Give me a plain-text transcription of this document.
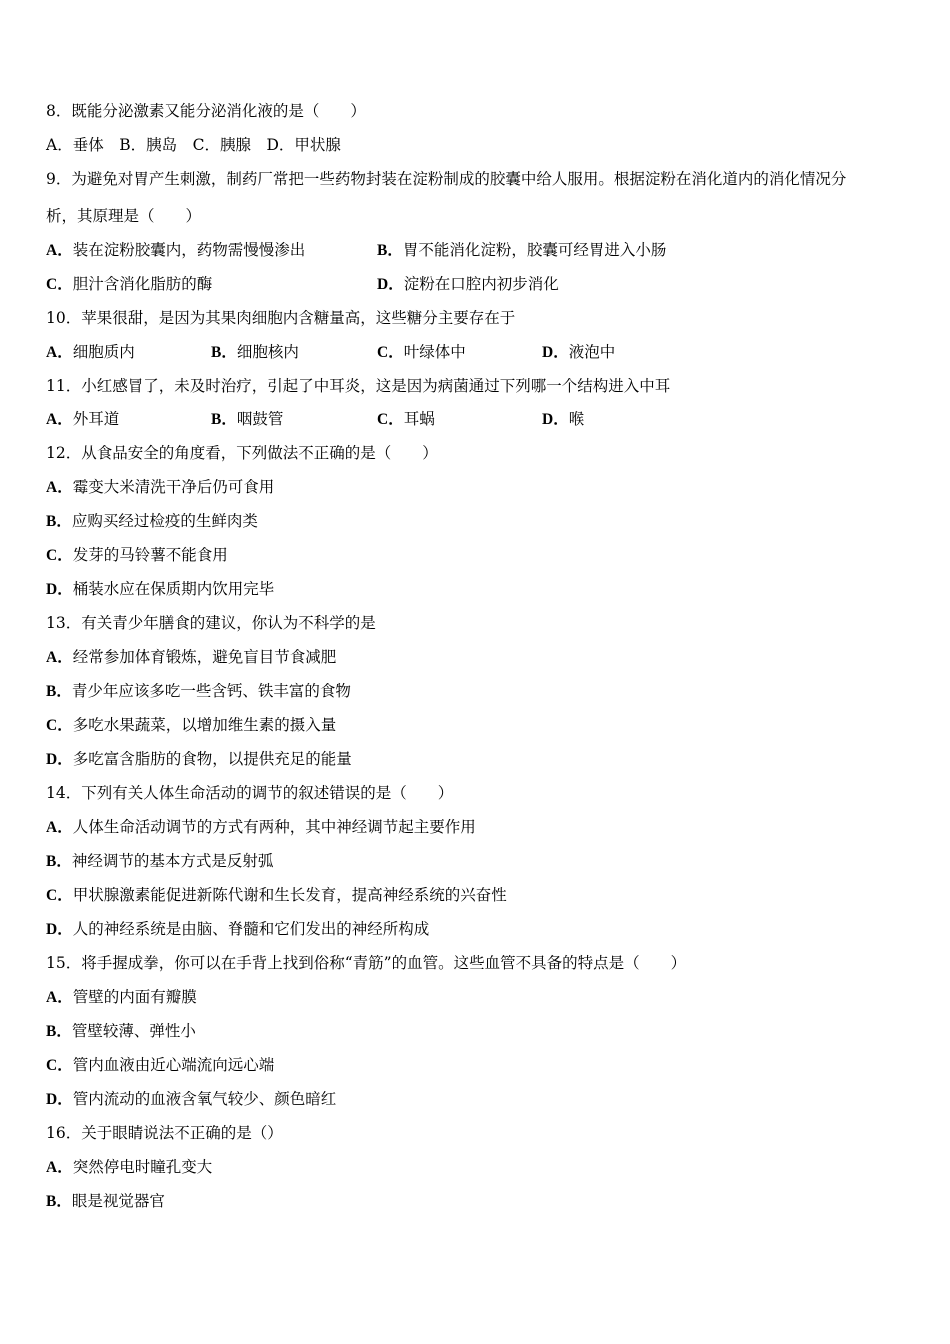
8．既能分泌激素又能分泌消化液的是（　　）
A．垂体　B．胰岛　C．胰腺　D．甲状腺
9．为避免对胃产生刺激，制药厂常把一些药物封装在淀粉制成的胶囊中给人服用。根据淀粉在消化道内的消化情况分
析，其原理是（　　）
A．装在淀粉胶囊内，药物需慢慢渗出	B．胃不能消化淀粉，胶囊可经胃进入小肠
C．胆汁含消化脂肪的酶	D．淀粉在口腔内初步消化
10．苹果很甜，是因为其果肉细胞内含糖量高，这些糖分主要存在于
A．细胞质内	B．细胞核内	C．叶绿体中	D．液泡中
11．小红感冒了，未及时治疗，引起了中耳炎，这是因为病菌通过下列哪一个结构进入中耳
A．外耳道	B．咽鼓管	C．耳蜗	D．喉
12．从食品安全的角度看，下列做法不正确的是（　　）
A．霉变大米清洗干净后仍可食用
B．应购买经过检疫的生鲜肉类
C．发芽的马铃薯不能食用
D．桶装水应在保质期内饮用完毕
13．有关青少年膳食的建议，你认为不科学的是
A．经常参加体育锻炼，避免盲目节食减肥
B．青少年应该多吃一些含钙、铁丰富的食物
C．多吃水果蔬菜，以增加维生素的摄入量
D．多吃富含脂肪的食物，以提供充足的能量
14．下列有关人体生命活动的调节的叙述错误的是（　　）
A．人体生命活动调节的方式有两种，其中神经调节起主要作用
B．神经调节的基本方式是反射弧
C．甲状腺激素能促进新陈代谢和生长发育，提高神经系统的兴奋性
D．人的神经系统是由脑、脊髓和它们发出的神经所构成
15．将手握成拳，你可以在手背上找到俗称“青筋”的血管。这些血管不具备的特点是（　　）
A．管壁的内面有瓣膜
B．管壁较薄、弹性小
C．管内血液由近心端流向远心端
D．管内流动的血液含氧气较少、颜色暗红
16．关于眼睛说法不正确的是（）
A．突然停电时瞳孔变大
B．眼是视觉器官
